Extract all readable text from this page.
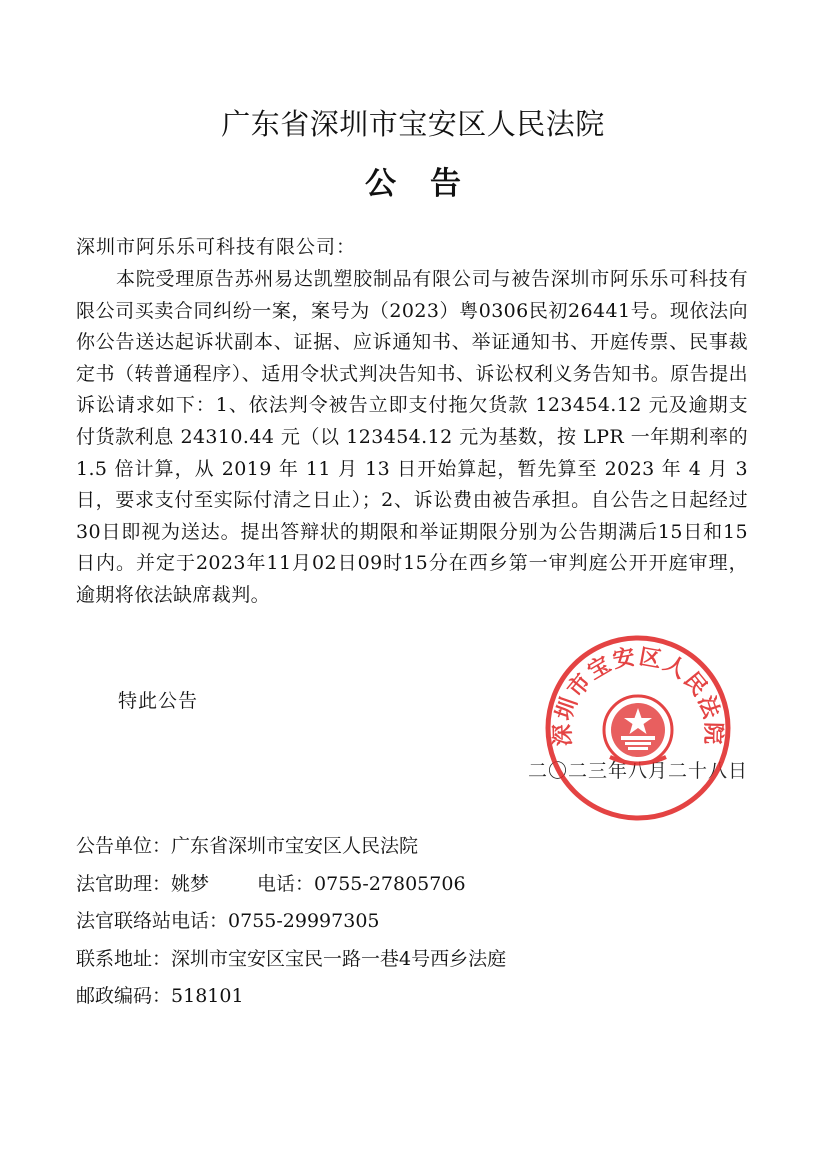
广东省深圳市宝安区人民法院
公告
深圳市阿乐乐可科技有限公司：
本院受理原告苏州易达凯塑胶制品有限公司与被告深圳市阿乐乐可科技有限公司买卖合同纠纷一案，案号为（2023）粤0306民初26441号。现依法向你公告送达起诉状副本、证据、应诉通知书、举证通知书、开庭传票、民事裁定书（转普通程序）、适用令状式判决告知书、诉讼权利义务告知书。原告提出诉讼请求如下：1、依法判令被告立即支付拖欠货款 123454.12 元及逾期支付货款利息 24310.44 元（以 123454.12 元为基数，按 LPR 一年期利率的 1.5 倍计算，从 2019 年 11 月 13 日开始算起，暂先算至 2023 年 4 月 3 日，要求支付至实际付清之日止）；2、诉讼费由被告承担。自公告之日起经过30日即视为送达。提出答辩状的期限和举证期限分别为公告期满后15日和15日内。并定于2023年11月02日09时15分在西乡第一审判庭公开开庭审理，逾期将依法缺席裁判。
特此公告
二〇二三年八月二十八日
深圳市宝安区人民法院
公告单位：广东省深圳市宝安区人民法院
法官助理：姚梦	电话：0755-27805706
法官联络站电话：0755-29997305
联系地址：深圳市宝安区宝民一路一巷4号西乡法庭
邮政编码：518101
